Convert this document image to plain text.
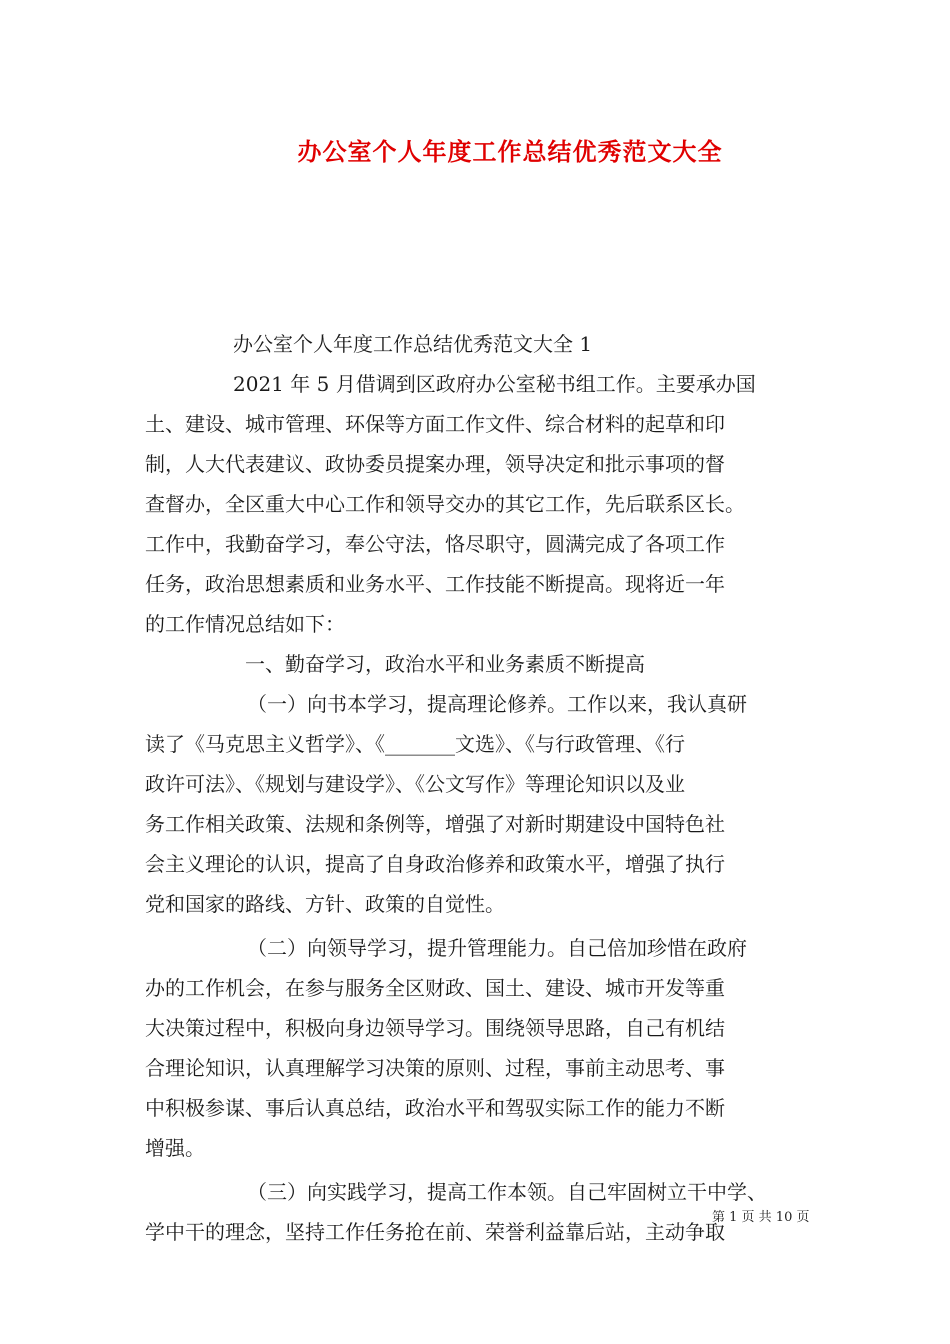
办公室个人年度工作总结优秀范文大全
办公室个人年度工作总结优秀范文大全 1
2021 年 5 月借调到区政府办公室秘书组工作。主要承办国
土、建设、城市管理、环保等方面工作文件、综合材料的起草和印
制，人大代表建议、政协委员提案办理，领导决定和批示事项的督
查督办，全区重大中心工作和领导交办的其它工作，先后联系区长。
工作中，我勤奋学习，奉公守法，恪尽职守，圆满完成了各项工作
任务，政治思想素质和业务水平、工作技能不断提高。现将近一年
的工作情况总结如下：
一、勤奋学习，政治水平和业务素质不断提高
（一）向书本学习，提高理论修养。工作以来，我认真研
读了《马克思主义哲学》、《_______文选》、《与行政管理、《行
政许可法》、《规划与建设学》、《公文写作》等理论知识以及业
务工作相关政策、法规和条例等，增强了对新时期建设中国特色社
会主义理论的认识，提高了自身政治修养和政策水平，增强了执行
党和国家的路线、方针、政策的自觉性。
（二）向领导学习，提升管理能力。自己倍加珍惜在政府
办的工作机会，在参与服务全区财政、国土、建设、城市开发等重
大决策过程中，积极向身边领导学习。围绕领导思路，自己有机结
合理论知识，认真理解学习决策的原则、过程，事前主动思考、事
中积极参谋、事后认真总结，政治水平和驾驭实际工作的能力不断
增强。
（三）向实践学习，提高工作本领。自己牢固树立干中学、
学中干的理念，坚持工作任务抢在前、荣誉利益靠后站，主动争取
第 1 页 共 10 页
